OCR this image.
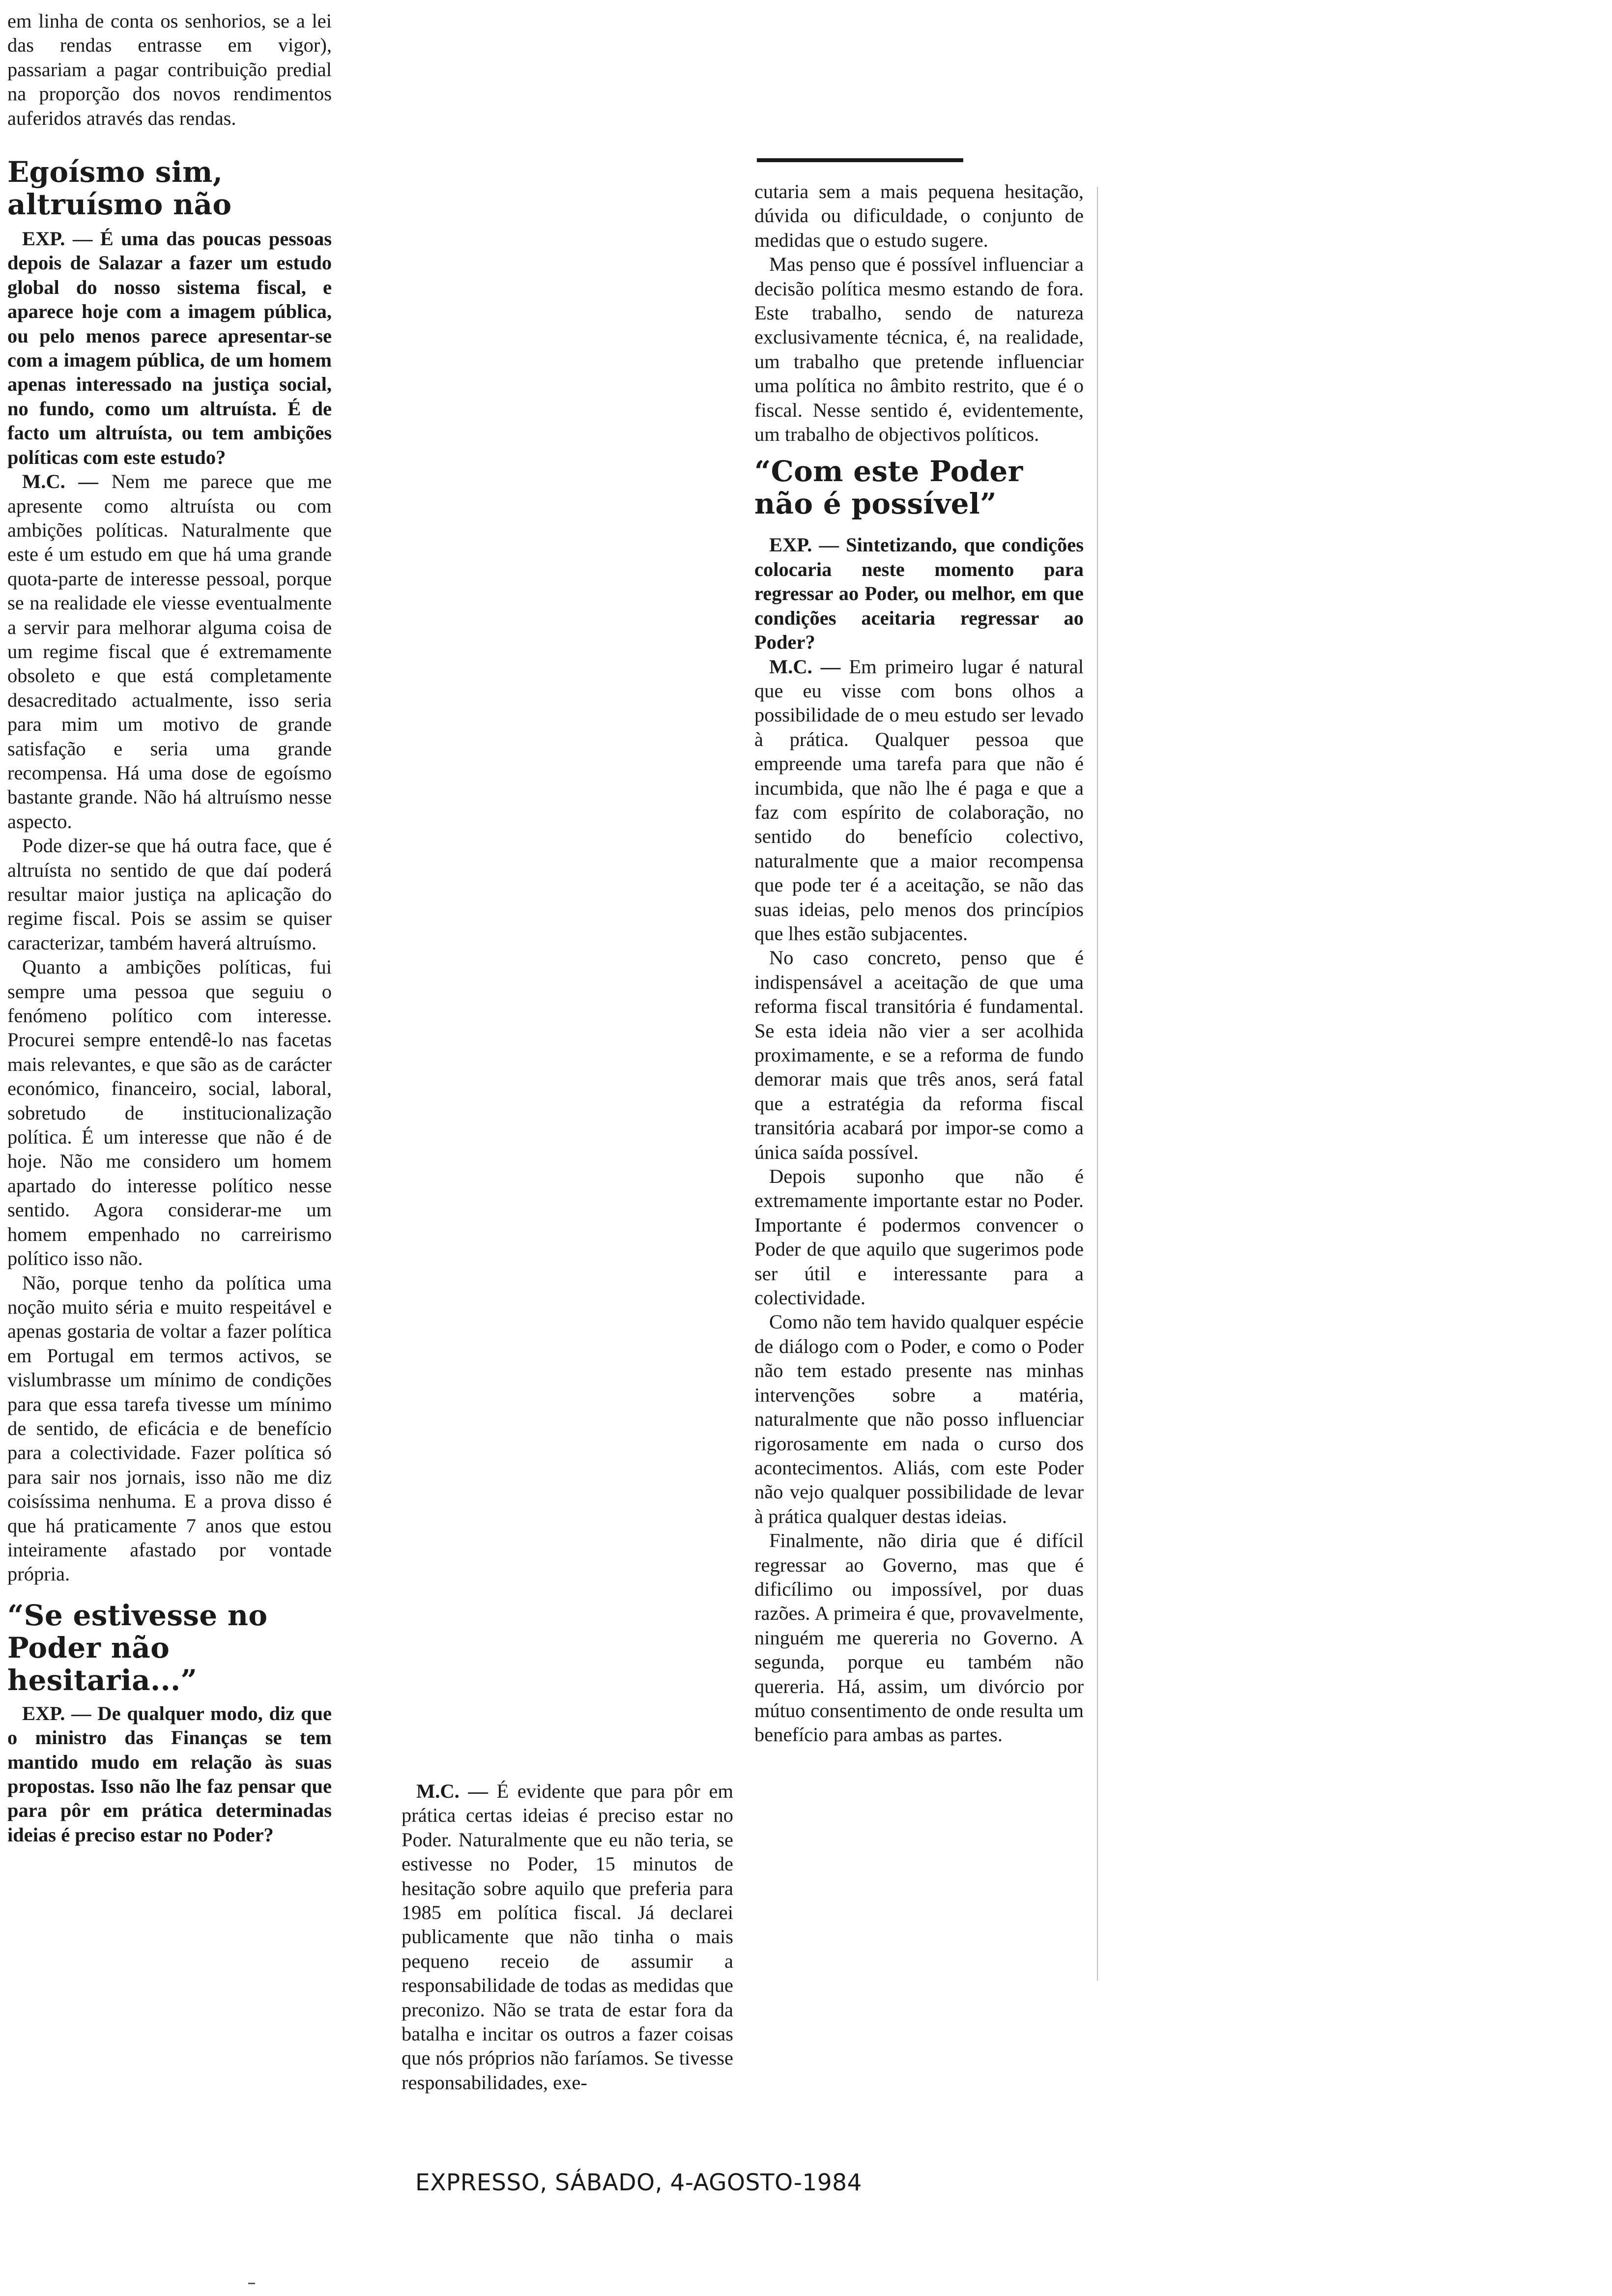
em linha de conta os senhorios, se a lei das rendas entrasse em vigor), passariam a pagar contribuição predial na proporção dos novos rendimentos auferidos através das rendas.

Egoísmo sim, altruísmo não

EXP. — É uma das poucas pessoas depois de Salazar a fazer um estudo global do nosso sistema fiscal, e aparece hoje com a imagem pública, ou pelo menos parece apresentar-se com a imagem pública, de um homem apenas interessado na justiça social, no fundo, como um altruísta. É de facto um altruísta, ou tem ambições políticas com este estudo?

M.C. — Nem me parece que me apresente como altruísta ou com ambições políticas. Naturalmente que este é um estudo em que há uma grande quota-parte de interesse pessoal, porque se na realidade ele viesse eventualmente a servir para melhorar alguma coisa de um regime fiscal que é extremamente obsoleto e que está completamente desacreditado actualmente, isso seria para mim um motivo de grande satisfação e seria uma grande recompensa. Há uma dose de egoísmo bastante grande. Não há altruísmo nesse aspecto.

Pode dizer-se que há outra face, que é altruísta no sentido de que daí poderá resultar maior justiça na aplicação do regime fiscal. Pois se assim se quiser caracterizar, também haverá altruísmo.

Quanto a ambições políticas, fui sempre uma pessoa que seguiu o fenómeno político com interesse. Procurei sempre entendê-lo nas facetas mais relevantes, e que são as de carácter económico, financeiro, social, laboral, sobretudo de institucionalização política. É um interesse que não é de hoje. Não me considero um homem apartado do interesse político nesse sentido. Agora considerar-me um homem empenhado no carreirismo político isso não.

Não, porque tenho da política uma noção muito séria e muito respeitável e apenas gostaria de voltar a fazer política em Portugal em termos activos, se vislumbrasse um mínimo de condições para que essa tarefa tivesse um mínimo de sentido, de eficácia e de benefício para a colectividade. Fazer política só para sair nos jornais, isso não me diz coisíssima nenhuma. E a prova disso é que há praticamente 7 anos que estou inteiramente afastado por vontade própria.

“Se estivesse no Poder não hesitaria...”

EXP. — De qualquer modo, diz que o ministro das Finanças se tem mantido mudo em relação às suas propostas. Isso não lhe faz pensar que para pôr em prática determinadas ideias é preciso estar no Poder?

M.C. — É evidente que para pôr em prática certas ideias é preciso estar no Poder. Naturalmente que eu não teria, se estivesse no Poder, 15 minutos de hesitação sobre aquilo que preferia para 1985 em política fiscal. Já declarei publicamente que não tinha o mais pequeno receio de assumir a responsabilidade de todas as medidas que preconizo. Não se trata de estar fora da batalha e incitar os outros a fazer coisas que nós próprios não faríamos. Se tivesse responsabilidades, exe-

cutaria sem a mais pequena hesitação, dúvida ou dificuldade, o conjunto de medidas que o estudo sugere.

Mas penso que é possível influenciar a decisão política mesmo estando de fora. Este trabalho, sendo de natureza exclusivamente técnica, é, na realidade, um trabalho que pretende influenciar uma política no âmbito restrito, que é o fiscal. Nesse sentido é, evidentemente, um trabalho de objectivos políticos.

“Com este Poder não é possível”

EXP. — Sintetizando, que condições colocaria neste momento para regressar ao Poder, ou melhor, em que condições aceitaria regressar ao Poder?

M.C. — Em primeiro lugar é natural que eu visse com bons olhos a possibilidade de o meu estudo ser levado à prática. Qualquer pessoa que empreende uma tarefa para que não é incumbida, que não lhe é paga e que a faz com espírito de colaboração, no sentido do benefício colectivo, naturalmente que a maior recompensa que pode ter é a aceitação, se não das suas ideias, pelo menos dos princípios que lhes estão subjacentes.

No caso concreto, penso que é indispensável a aceitação de que uma reforma fiscal transitória é fundamental. Se esta ideia não vier a ser acolhida proximamente, e se a reforma de fundo demorar mais que três anos, será fatal que a estratégia da reforma fiscal transitória acabará por impor-se como a única saída possível.

Depois suponho que não é extremamente importante estar no Poder. Importante é podermos convencer o Poder de que aquilo que sugerimos pode ser útil e interessante para a colectividade.

Como não tem havido qualquer espécie de diálogo com o Poder, e como o Poder não tem estado presente nas minhas intervenções sobre a matéria, naturalmente que não posso influenciar rigorosamente em nada o curso dos acontecimentos. Aliás, com este Poder não vejo qualquer possibilidade de levar à prática qualquer destas ideias.

Finalmente, não diria que é difícil regressar ao Governo, mas que é dificílimo ou impossível, por duas razões. A primeira é que, provavelmente, ninguém me quereria no Governo. A segunda, porque eu também não quereria. Há, assim, um divórcio por mútuo consentimento de onde resulta um benefício para ambas as partes.

EXPRESSO, SÁBADO, 4-AGOSTO-1984
